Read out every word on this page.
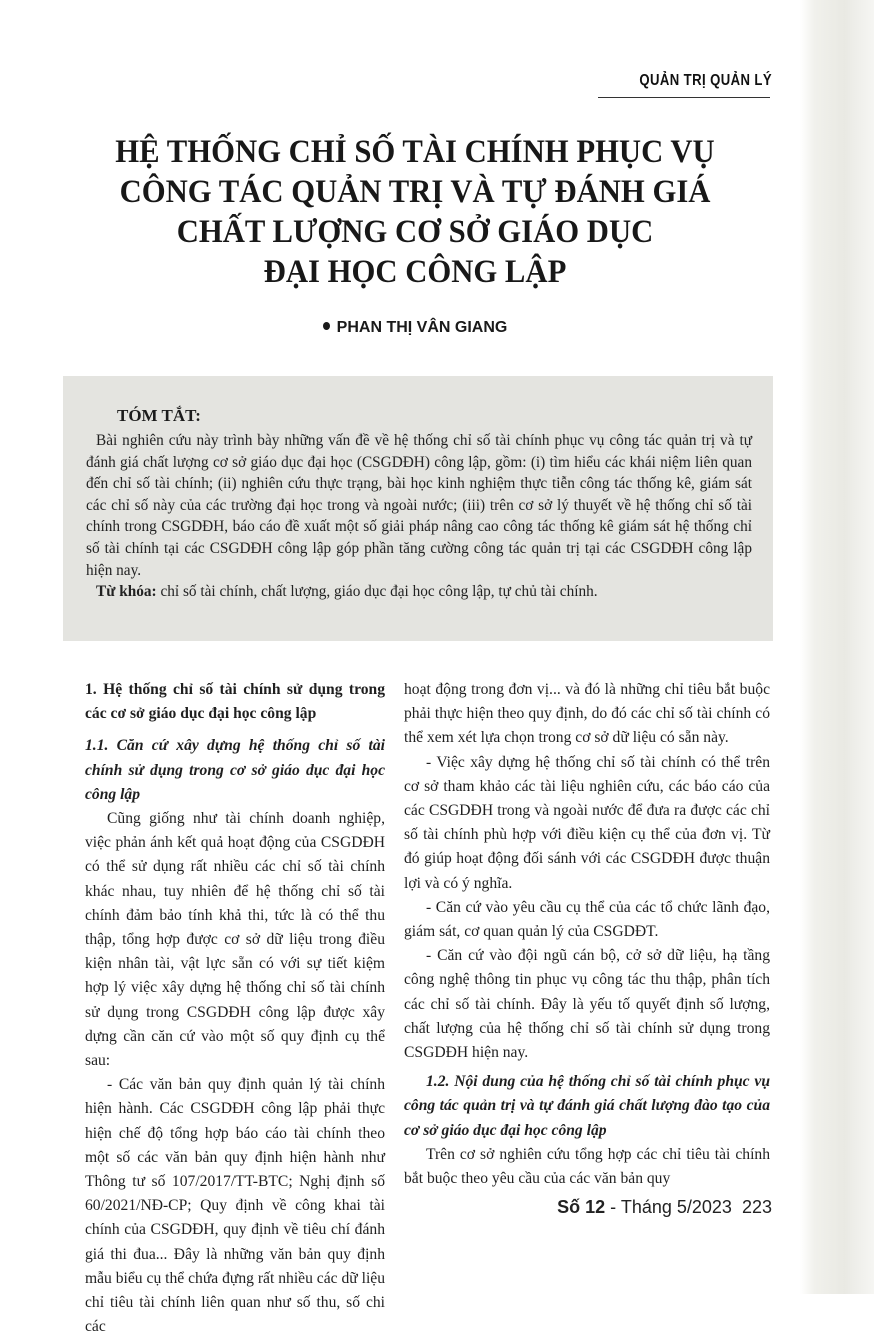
QUẢN TRỊ QUẢN LÝ
HỆ THỐNG CHỈ SỐ TÀI CHÍNH PHỤC VỤ
CÔNG TÁC QUẢN TRỊ VÀ TỰ ĐÁNH GIÁ
CHẤT LƯỢNG CƠ SỞ GIÁO DỤC
ĐẠI HỌC CÔNG LẬP
PHAN THỊ VÂN GIANG
TÓM TẮT:

Bài nghiên cứu này trình bày những vấn đề về hệ thống chỉ số tài chính phục vụ công tác quản trị và tự đánh giá chất lượng cơ sở giáo dục đại học (CSGDĐH) công lập, gồm: (i) tìm hiểu các khái niệm liên quan đến chỉ số tài chính; (ii) nghiên cứu thực trạng, bài học kinh nghiệm thực tiễn công tác thống kê, giám sát các chỉ số này của các trường đại học trong và ngoài nước; (iii) trên cơ sở lý thuyết về hệ thống chỉ số tài chính trong CSGDĐH, báo cáo đề xuất một số giải pháp nâng cao công tác thống kê giám sát hệ thống chỉ số tài chính tại các CSGDĐH công lập góp phần tăng cường công tác quản trị tại các CSGDĐH công lập hiện nay.

Từ khóa: chỉ số tài chính, chất lượng, giáo dục đại học công lập, tự chủ tài chính.

1. Hệ thống chỉ số tài chính sử dụng trong các cơ sở giáo dục đại học công lập

1.1. Căn cứ xây dựng hệ thống chỉ số tài chính sử dụng trong cơ sở giáo dục đại học công lập

Cũng giống như tài chính doanh nghiệp, việc phản ánh kết quả hoạt động của CSGDĐH có thể sử dụng rất nhiều các chỉ số tài chính khác nhau, tuy nhiên để hệ thống chỉ số tài chính đảm bảo tính khả thi, tức là có thể thu thập, tổng hợp được cơ sở dữ liệu trong điều kiện nhân tài, vật lực sẵn có với sự tiết kiệm hợp lý việc xây dựng hệ thống chỉ số tài chính sử dụng trong CSGDĐH công lập được xây dựng cần căn cứ vào một số quy định cụ thể sau:

- Các văn bản quy định quản lý tài chính hiện hành. Các CSGDĐH công lập phải thực hiện chế độ tổng hợp báo cáo tài chính theo một số các văn bản quy định hiện hành như Thông tư số 107/2017/TT-BTC; Nghị định số 60/2021/NĐ-CP; Quy định về công khai tài chính của CSGDĐH, quy định về tiêu chí đánh giá thi đua... Đây là những văn bản quy định mẫu biểu cụ thể chứa đựng rất nhiều các dữ liệu chỉ tiêu tài chính liên quan như số thu, số chi các

hoạt động trong đơn vị... và đó là những chỉ tiêu bắt buộc phải thực hiện theo quy định, do đó các chỉ số tài chính có thể xem xét lựa chọn trong cơ sở dữ liệu có sẵn này.

- Việc xây dựng hệ thống chỉ số tài chính có thể trên cơ sở tham khảo các tài liệu nghiên cứu, các báo cáo của các CSGDĐH trong và ngoài nước để đưa ra được các chỉ số tài chính phù hợp với điều kiện cụ thể của đơn vị. Từ đó giúp hoạt động đối sánh với các CSGDĐH được thuận lợi và có ý nghĩa.

- Căn cứ vào yêu cầu cụ thể của các tổ chức lãnh đạo, giám sát, cơ quan quản lý của CSGDĐT.

- Căn cứ vào đội ngũ cán bộ, cở sở dữ liệu, hạ tầng công nghệ thông tin phục vụ công tác thu thập, phân tích các chỉ số tài chính. Đây là yếu tố quyết định số lượng, chất lượng của hệ thống chỉ số tài chính sử dụng trong CSGDĐH hiện nay.

1.2. Nội dung của hệ thống chỉ số tài chính phục vụ công tác quản trị và tự đánh giá chất lượng đào tạo của cơ sở giáo dục đại học công lập

Trên cơ sở nghiên cứu tổng hợp các chỉ tiêu tài chính bắt buộc theo yêu cầu của các văn bản quy

Số 12 - Tháng 5/2023 223
